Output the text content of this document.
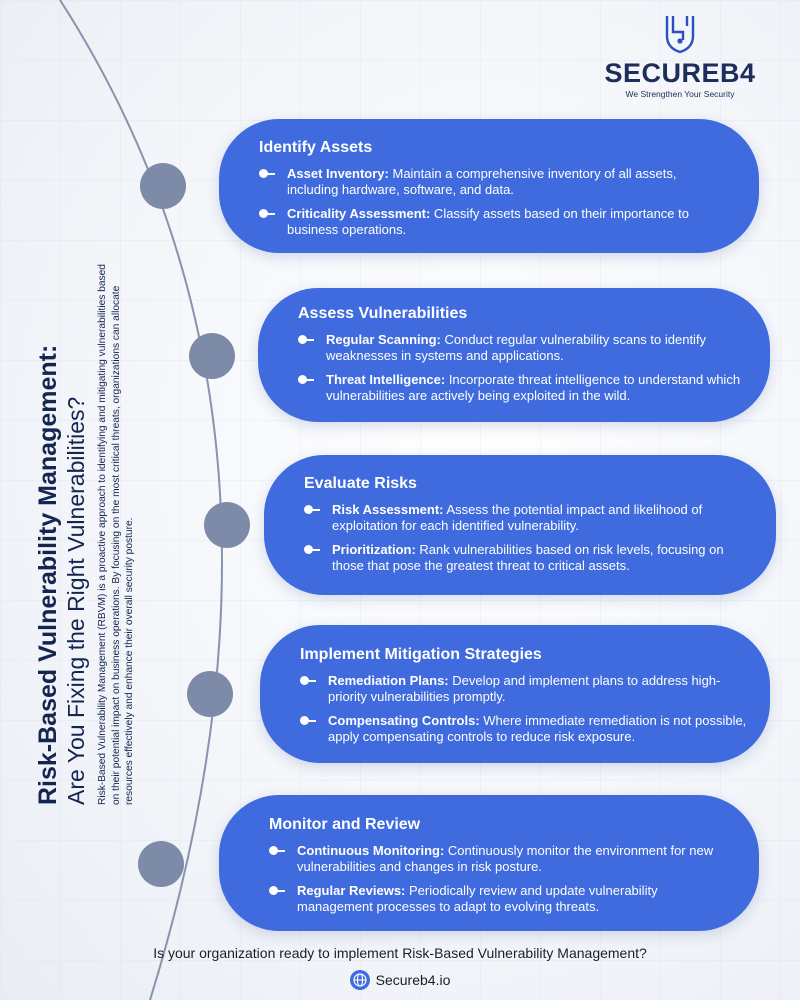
SECUREB4
We Strengthen Your Security
Risk-Based Vulnerability Management: Are You Fixing the Right Vulnerabilities? Risk-Based Vulnerability Management (RBVM) is a proactive approach to identifying and mitigating vulnerabilities based on their potential impact on business operations. By focusing on the most critical threats, organizations can allocate resources effectively and enhance their overall security posture.
Identify Assets
Asset Inventory: Maintain a comprehensive inventory of all assets, including hardware, software, and data.
Criticality Assessment: Classify assets based on their importance to business operations.
Assess Vulnerabilities
Regular Scanning: Conduct regular vulnerability scans to identify weaknesses in systems and applications.
Threat Intelligence: Incorporate threat intelligence to understand which vulnerabilities are actively being exploited in the wild.
Evaluate Risks
Risk Assessment: Assess the potential impact and likelihood of exploitation for each identified vulnerability.
Prioritization: Rank vulnerabilities based on risk levels, focusing on those that pose the greatest threat to critical assets.
Implement Mitigation Strategies
Remediation Plans: Develop and implement plans to address high-priority vulnerabilities promptly.
Compensating Controls: Where immediate remediation is not possible, apply compensating controls to reduce risk exposure.
Monitor and Review
Continuous Monitoring: Continuously monitor the environment for new vulnerabilities and changes in risk posture.
Regular Reviews: Periodically review and update vulnerability management processes to adapt to evolving threats.
Is your organization ready to implement Risk-Based Vulnerability Management?
Secureb4.io
